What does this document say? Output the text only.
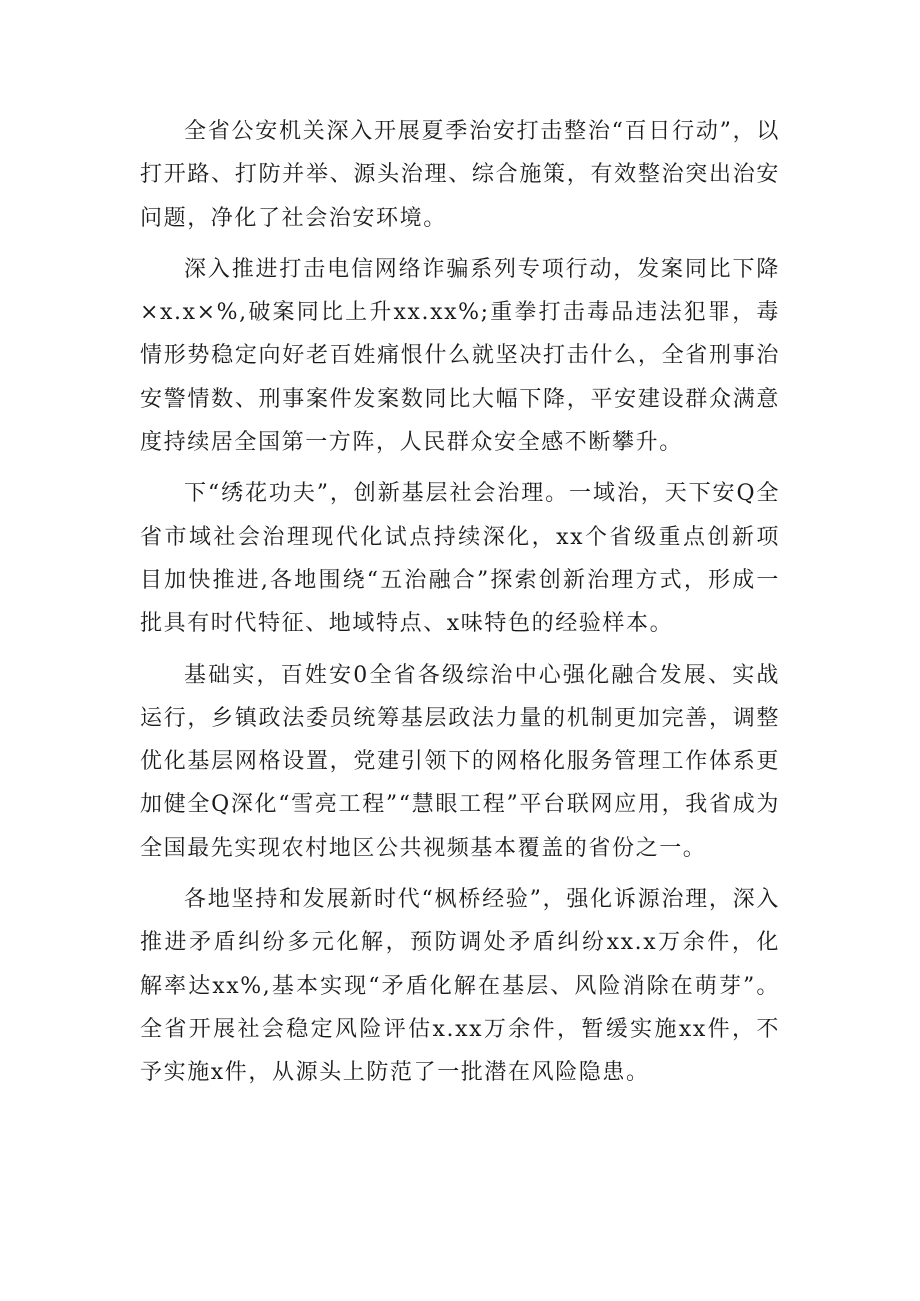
全省公安机关深入开展夏季治安打击整治“百日行动”，以打开路、打防并举、源头治理、综合施策，有效整治突出治安问题，净化了社会治安环境。

深入推进打击电信网络诈骗系列专项行动，发案同比下降×x.x×%,破案同比上升xx.xx%;重拳打击毒品违法犯罪，毒情形势稳定向好老百姓痛恨什么就坚决打击什么，全省刑事治安警情数、刑事案件发案数同比大幅下降，平安建设群众满意度持续居全国第一方阵，人民群众安全感不断攀升。

下“绣花功夫”，创新基层社会治理。一域治，天下安Q全省市域社会治理现代化试点持续深化，xx个省级重点创新项目加快推进,各地围绕“五治融合”探索创新治理方式，形成一批具有时代特征、地域特点、x味特色的经验样本。

基础实，百姓安0全省各级综治中心强化融合发展、实战运行，乡镇政法委员统筹基层政法力量的机制更加完善，调整优化基层网格设置，党建引领下的网格化服务管理工作体系更加健全Q深化“雪亮工程”“慧眼工程”平台联网应用，我省成为全国最先实现农村地区公共视频基本覆盖的省份之一。

各地坚持和发展新时代“枫桥经验”，强化诉源治理，深入推进矛盾纠纷多元化解，预防调处矛盾纠纷xx.x万余件，化解率达xx%,基本实现“矛盾化解在基层、风险消除在萌芽”。全省开展社会稳定风险评估x.xx万余件，暂缓实施xx件，不予实施x件，从源头上防范了一批潜在风险隐患。
